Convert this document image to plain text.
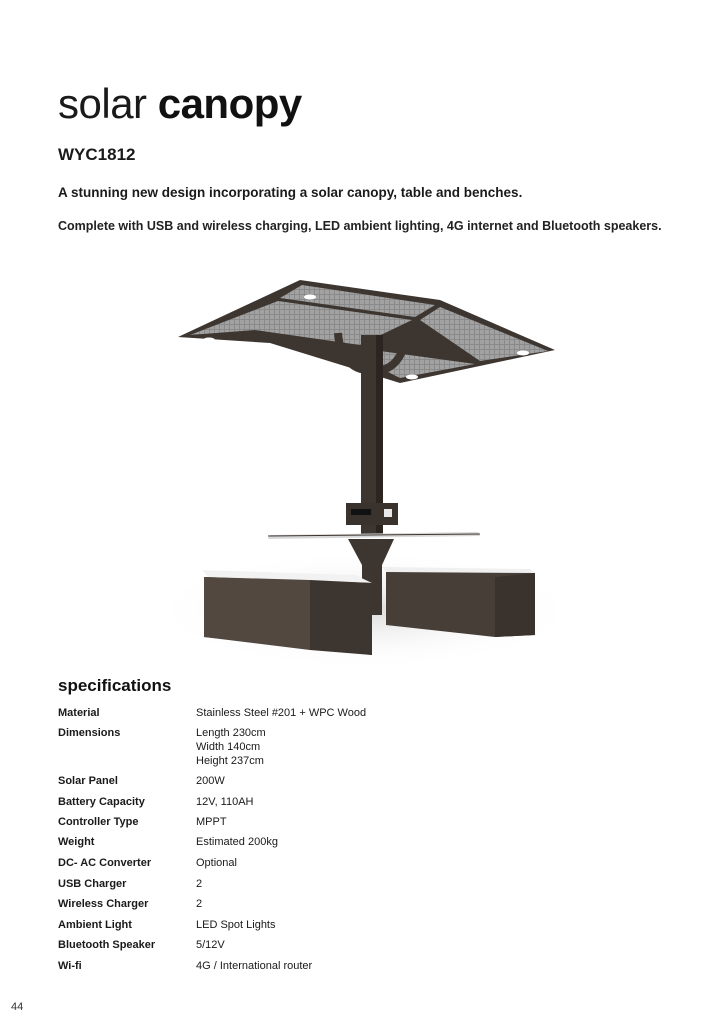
solar canopy
WYC1812
A stunning new design incorporating a solar canopy, table and benches.
Complete with USB and wireless charging, LED ambient lighting, 4G internet and Bluetooth speakers.
specifications
Material	Stainless Steel #201 + WPC Wood
Dimensions	Length 230cm
Width 140cm
Height 237cm
Solar Panel	200W
Battery Capacity	12V, 110AH
Controller Type	MPPT
Weight	Estimated 200kg
DC- AC Converter	Optional
USB Charger	2
Wireless Charger	2
Ambient Light	LED Spot Lights
Bluetooth Speaker	5/12V
Wi-fi	4G / International router
44
